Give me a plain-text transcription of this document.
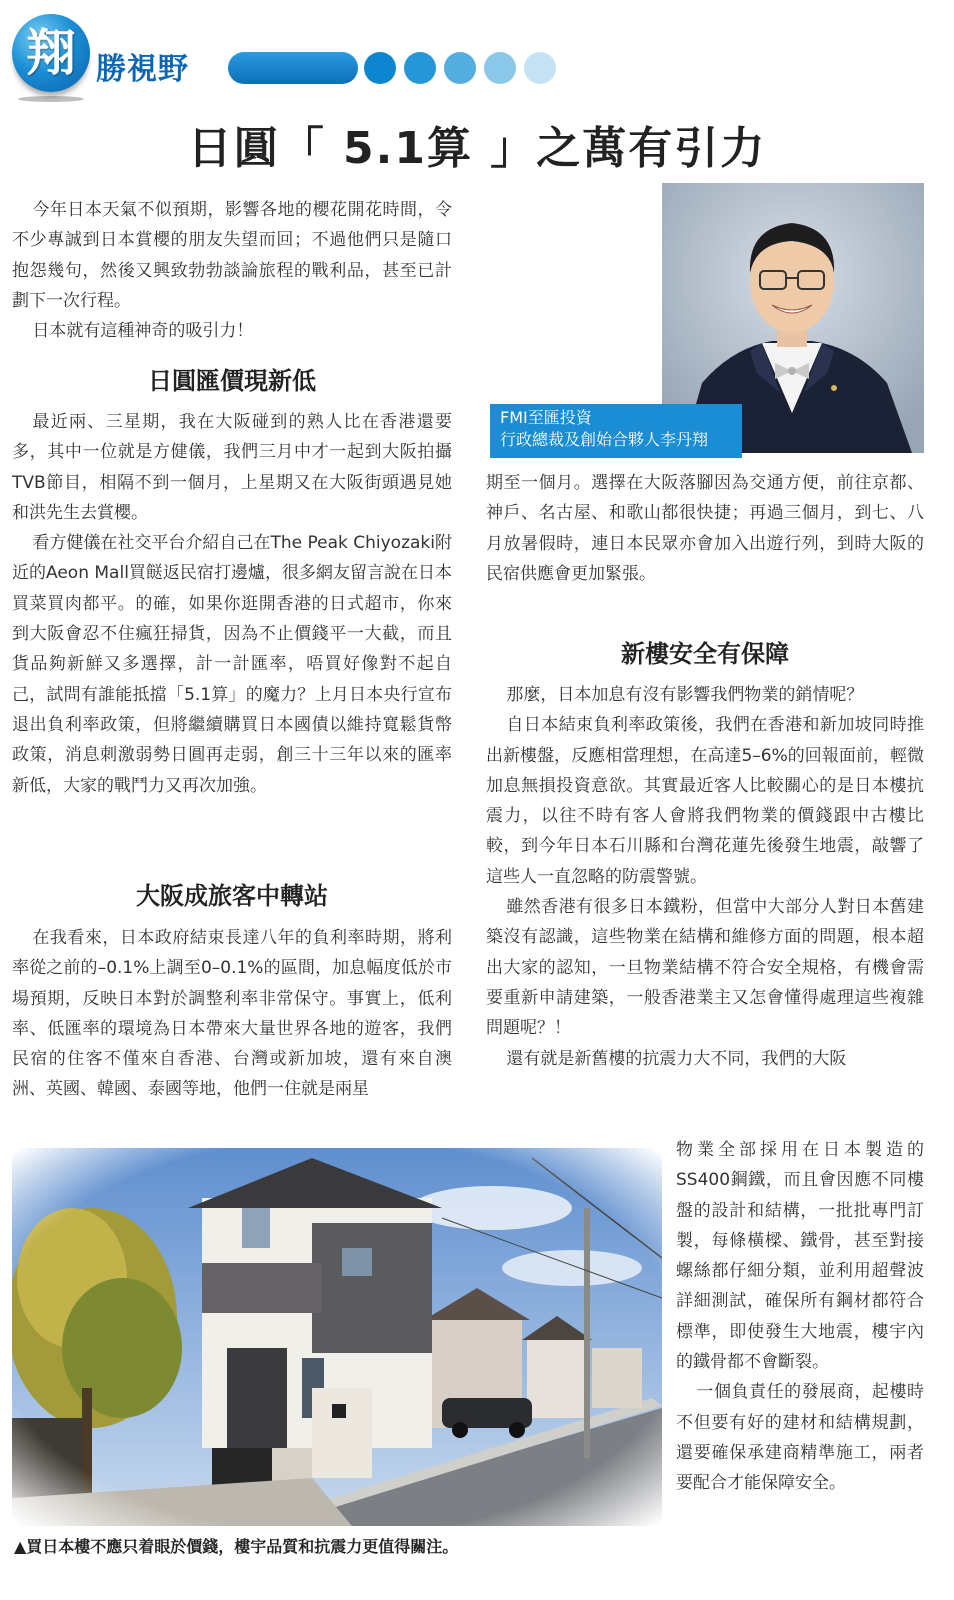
翔 勝視野
日圓「 5.1算 」之萬有引力

今年日本天氣不似預期，影響各地的櫻花開花時間，令不少專誠到日本賞櫻的朋友失望而回；不過他們只是隨口抱怨幾句，然後又興致勃勃談論旅程的戰利品，甚至已計劃下一次行程。

日本就有這種神奇的吸引力！

日圓匯價現新低

最近兩、三星期，我在大阪碰到的熟人比在香港還要多，其中一位就是方健儀，我們三月中才一起到大阪拍攝TVB節目，相隔不到一個月，上星期又在大阪街頭遇見她和洪先生去賞櫻。

看方健儀在社交平台介紹自己在The Peak Chiyozaki附近的Aeon Mall買餸返民宿打邊爐，很多網友留言說在日本買菜買肉都平。的確，如果你逛開香港的日式超市，你來到大阪會忍不住瘋狂掃貨，因為不止價錢平一大截，而且貨品夠新鮮又多選擇，計一計匯率，唔買好像對不起自己，試問有誰能抵擋「5.1算」的魔力？上月日本央行宣布退出負利率政策，但將繼續購買日本國債以維持寬鬆貨幣政策，消息刺激弱勢日圓再走弱，創三十三年以來的匯率新低，大家的戰鬥力又再次加強。

大阪成旅客中轉站

在我看來，日本政府結束長達八年的負利率時期，將利率從之前的–0.1%上調至0–0.1%的區間，加息幅度低於市場預期，反映日本對於調整利率非常保守。事實上，低利率、低匯率的環境為日本帶來大量世界各地的遊客，我們民宿的住客不僅來自香港、台灣或新加坡，還有來自澳洲、英國、韓國、泰國等地，他們一住就是兩星

FMI至匯投資
行政總裁及創始合夥人李丹翔

期至一個月。選擇在大阪落腳因為交通方便，前往京都、神戶、名古屋、和歌山都很快捷；再過三個月，到七、八月放暑假時，連日本民眾亦會加入出遊行列，到時大阪的民宿供應會更加緊張。

新樓安全有保障

那麼，日本加息有沒有影響我們物業的銷情呢？

自日本結束負利率政策後，我們在香港和新加坡同時推出新樓盤，反應相當理想，在高達5–6%的回報面前，輕微加息無損投資意欲。其實最近客人比較關心的是日本樓抗震力，以往不時有客人會將我們物業的價錢跟中古樓比較，到今年日本石川縣和台灣花蓮先後發生地震，敲響了這些人一直忽略的防震警號。

雖然香港有很多日本鐵粉，但當中大部分人對日本舊建築沒有認識，這些物業在結構和維修方面的問題，根本超出大家的認知，一旦物業結構不符合安全規格，有機會需要重新申請建築，一般香港業主又怎會懂得處理這些複雜問題呢？！

還有就是新舊樓的抗震力大不同，我們的大阪

物業全部採用在日本製造的SS400鋼鐵，而且會因應不同樓盤的設計和結構，一批批專門訂製，每條橫樑、鐵骨，甚至對接螺絲都仔細分類，並利用超聲波詳細測試，確保所有鋼材都符合標準，即使發生大地震，樓宇內的鐵骨都不會斷裂。

一個負責任的發展商，起樓時不但要有好的建材和結構規劃，還要確保承建商精準施工，兩者要配合才能保障安全。

▲買日本樓不應只着眼於價錢，樓宇品質和抗震力更值得關注。
